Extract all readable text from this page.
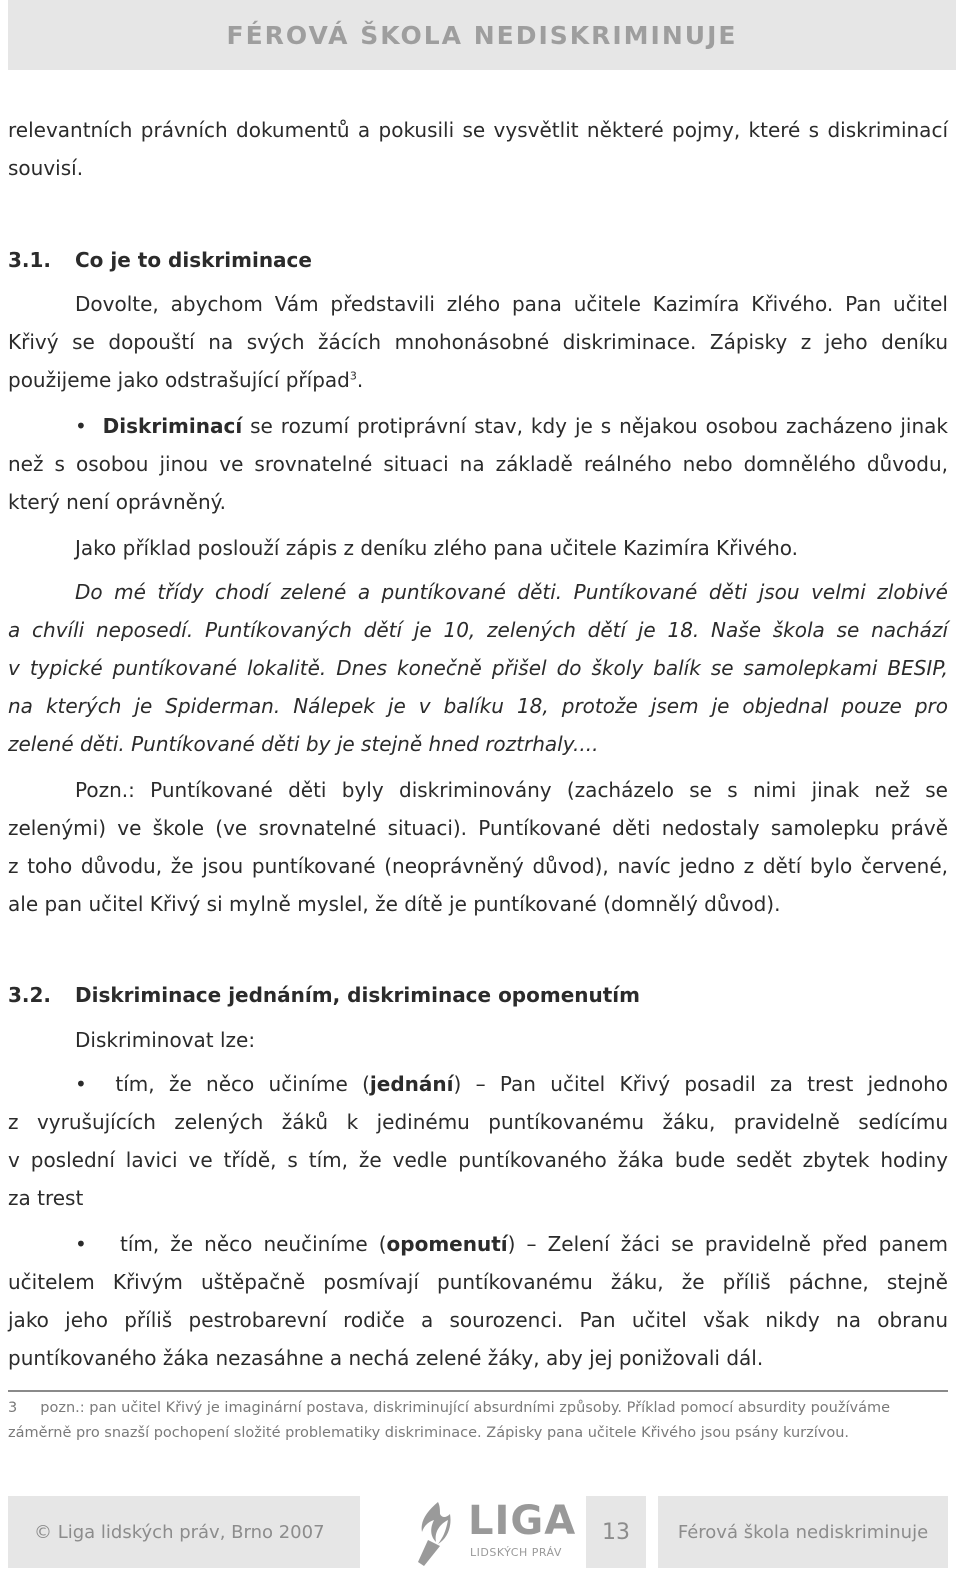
FÉROVÁ ŠKOLA NEDISKRIMINUJE
relevantních právních dokumentů a pokusili se vysvětlit některé pojmy, které s diskriminací
souvisí.
3.1. Co je to diskriminace
Dovolte, abychom Vám představili zlého pana učitele Kazimíra Křivého. Pan učitel
Křivý se dopouští na svých žácích mnohonásobné diskriminace. Zápisky z jeho deníku
použijeme jako odstrašující případ$^3$.
• Diskriminací se rozumí protiprávní stav, kdy je s nějakou osobou zacházeno jinak
než s osobou jinou ve srovnatelné situaci na základě reálného nebo domnělého důvodu,
který není oprávněný.
Jako příklad poslouží zápis z deníku zlého pana učitele Kazimíra Křivého.
Do mé třídy chodí zelené a puntíkované děti. Puntíkované děti jsou velmi zlobivé
a chvíli neposedí. Puntíkovaných dětí je 10, zelených dětí je 18. Naše škola se nachází
v typické puntíkované lokalitě. Dnes konečně přišel do školy balík se samolepkami BESIP,
na kterých je Spiderman. Nálepek je v balíku 18, protože jsem je objednal pouze pro
zelené děti. Puntíkované děti by je stejně hned roztrhaly....
Pozn.: Puntíkované děti byly diskriminovány (zacházelo se s nimi jinak než se
zelenými) ve škole (ve srovnatelné situaci). Puntíkované děti nedostaly samolepku právě
z toho důvodu, že jsou puntíkované (neoprávněný důvod), navíc jedno z dětí bylo červené,
ale pan učitel Křivý si mylně myslel, že dítě je puntíkované (domnělý důvod).
3.2. Diskriminace jednáním, diskriminace opomenutím
Diskriminovat lze:
• tím, že něco učiníme (jednání) – Pan učitel Křivý posadil za trest jednoho
z vyrušujících zelených žáků k jedinému puntíkovanému žáku, pravidelně sedícímu
v poslední lavici ve třídě, s tím, že vedle puntíkovaného žáka bude sedět zbytek hodiny
za trest
• tím, že něco neučiníme (opomenutí) – Zelení žáci se pravidelně před panem
učitelem Křivým uštěpačně posmívají puntíkovanému žáku, že příliš páchne, stejně
jako jeho příliš pestrobarevní rodiče a sourozenci. Pan učitel však nikdy na obranu
puntíkovaného žáka nezasáhne a nechá zelené žáky, aby jej ponižovali dál.
3 pozn.: pan učitel Křivý je imaginární postava, diskriminující absurdními způsoby. Příklad pomocí absurdity používáme
záměrně pro snazší pochopení složité problematiky diskriminace. Zápisky pana učitele Křivého jsou psány kurzívou.
© Liga lidských práv, Brno 2007	LIGA
LIDSKÝCH PRÁV
13	Férová škola nediskriminuje
